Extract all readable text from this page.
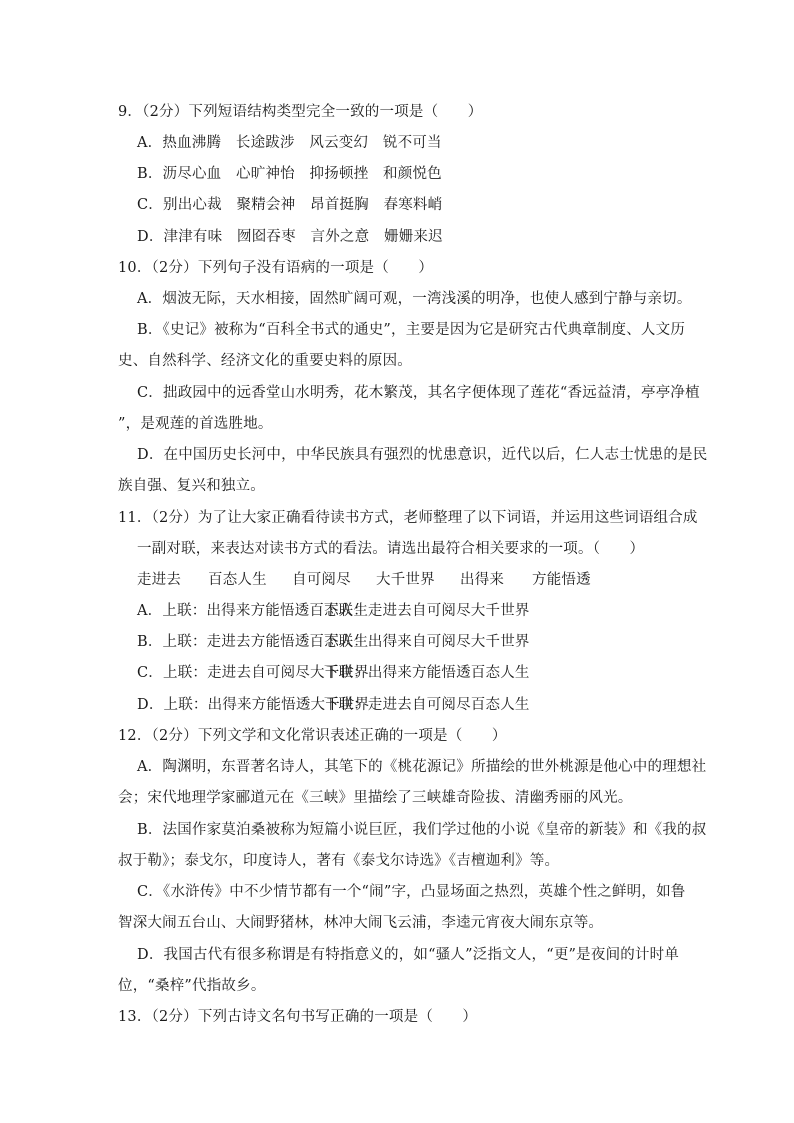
9．（2分）下列短语结构类型完全一致的一项是（　　）
A．热血沸腾　长途跋涉　风云变幻　锐不可当
B．沥尽心血　心旷神怡　抑扬顿挫　和颜悦色
C．别出心裁　聚精会神　昂首挺胸　春寒料峭
D．津津有味　囫囵吞枣　言外之意　姗姗来迟
10．（2分）下列句子没有语病的一项是（　　）
A．烟波无际，天水相接，固然旷阔可观，一湾浅溪的明净，也使人感到宁静与亲切。
B．《史记》被称为“百科全书式的通史”，主要是因为它是研究古代典章制度、人文历
史、自然科学、经济文化的重要史料的原因。
C．拙政园中的远香堂山水明秀，花木繁茂，其名字便体现了莲花“香远益清，亭亭净植
”，是观莲的首选胜地。
D．在中国历史长河中，中华民族具有强烈的忧患意识，近代以后，仁人志士忧患的是民
族自强、复兴和独立。
11．（2分）为了让大家正确看待读书方式，老师整理了以下词语，并运用这些词语组合成
一副对联，来表达对读书方式的看法。请选出最符合相关要求的一项。（　　）
走进去 百态人生 自可阅尽 大千世界 出得来 方能悟透
A．上联：出得来方能悟透百态人生 下联：走进去自可阅尽大千世界
B．上联：走进去方能悟透百态人生 下联：出得来自可阅尽大千世界
C．上联：走进去自可阅尽大千世界 下联：出得来方能悟透百态人生
D．上联：出得来方能悟透大千世界 下联：走进去自可阅尽百态人生
12．（2分）下列文学和文化常识表述正确的一项是（　　）
A．陶渊明，东晋著名诗人，其笔下的《桃花源记》所描绘的世外桃源是他心中的理想社
会；宋代地理学家郦道元在《三峡》里描绘了三峡雄奇险拔、清幽秀丽的风光。
B．法国作家莫泊桑被称为短篇小说巨匠，我们学过他的小说《皇帝的新装》和《我的叔
叔于勒》；泰戈尔，印度诗人，著有《泰戈尔诗选》《吉檀迦利》等。
C．《水浒传》中不少情节都有一个“闹”字，凸显场面之热烈，英雄个性之鲜明，如鲁
智深大闹五台山、大闹野猪林，林冲大闹飞云浦，李逵元宵夜大闹东京等。
D．我国古代有很多称谓是有特指意义的，如“骚人”泛指文人，“更”是夜间的计时单
位，“桑梓”代指故乡。
13．（2分）下列古诗文名句书写正确的一项是（　　）
